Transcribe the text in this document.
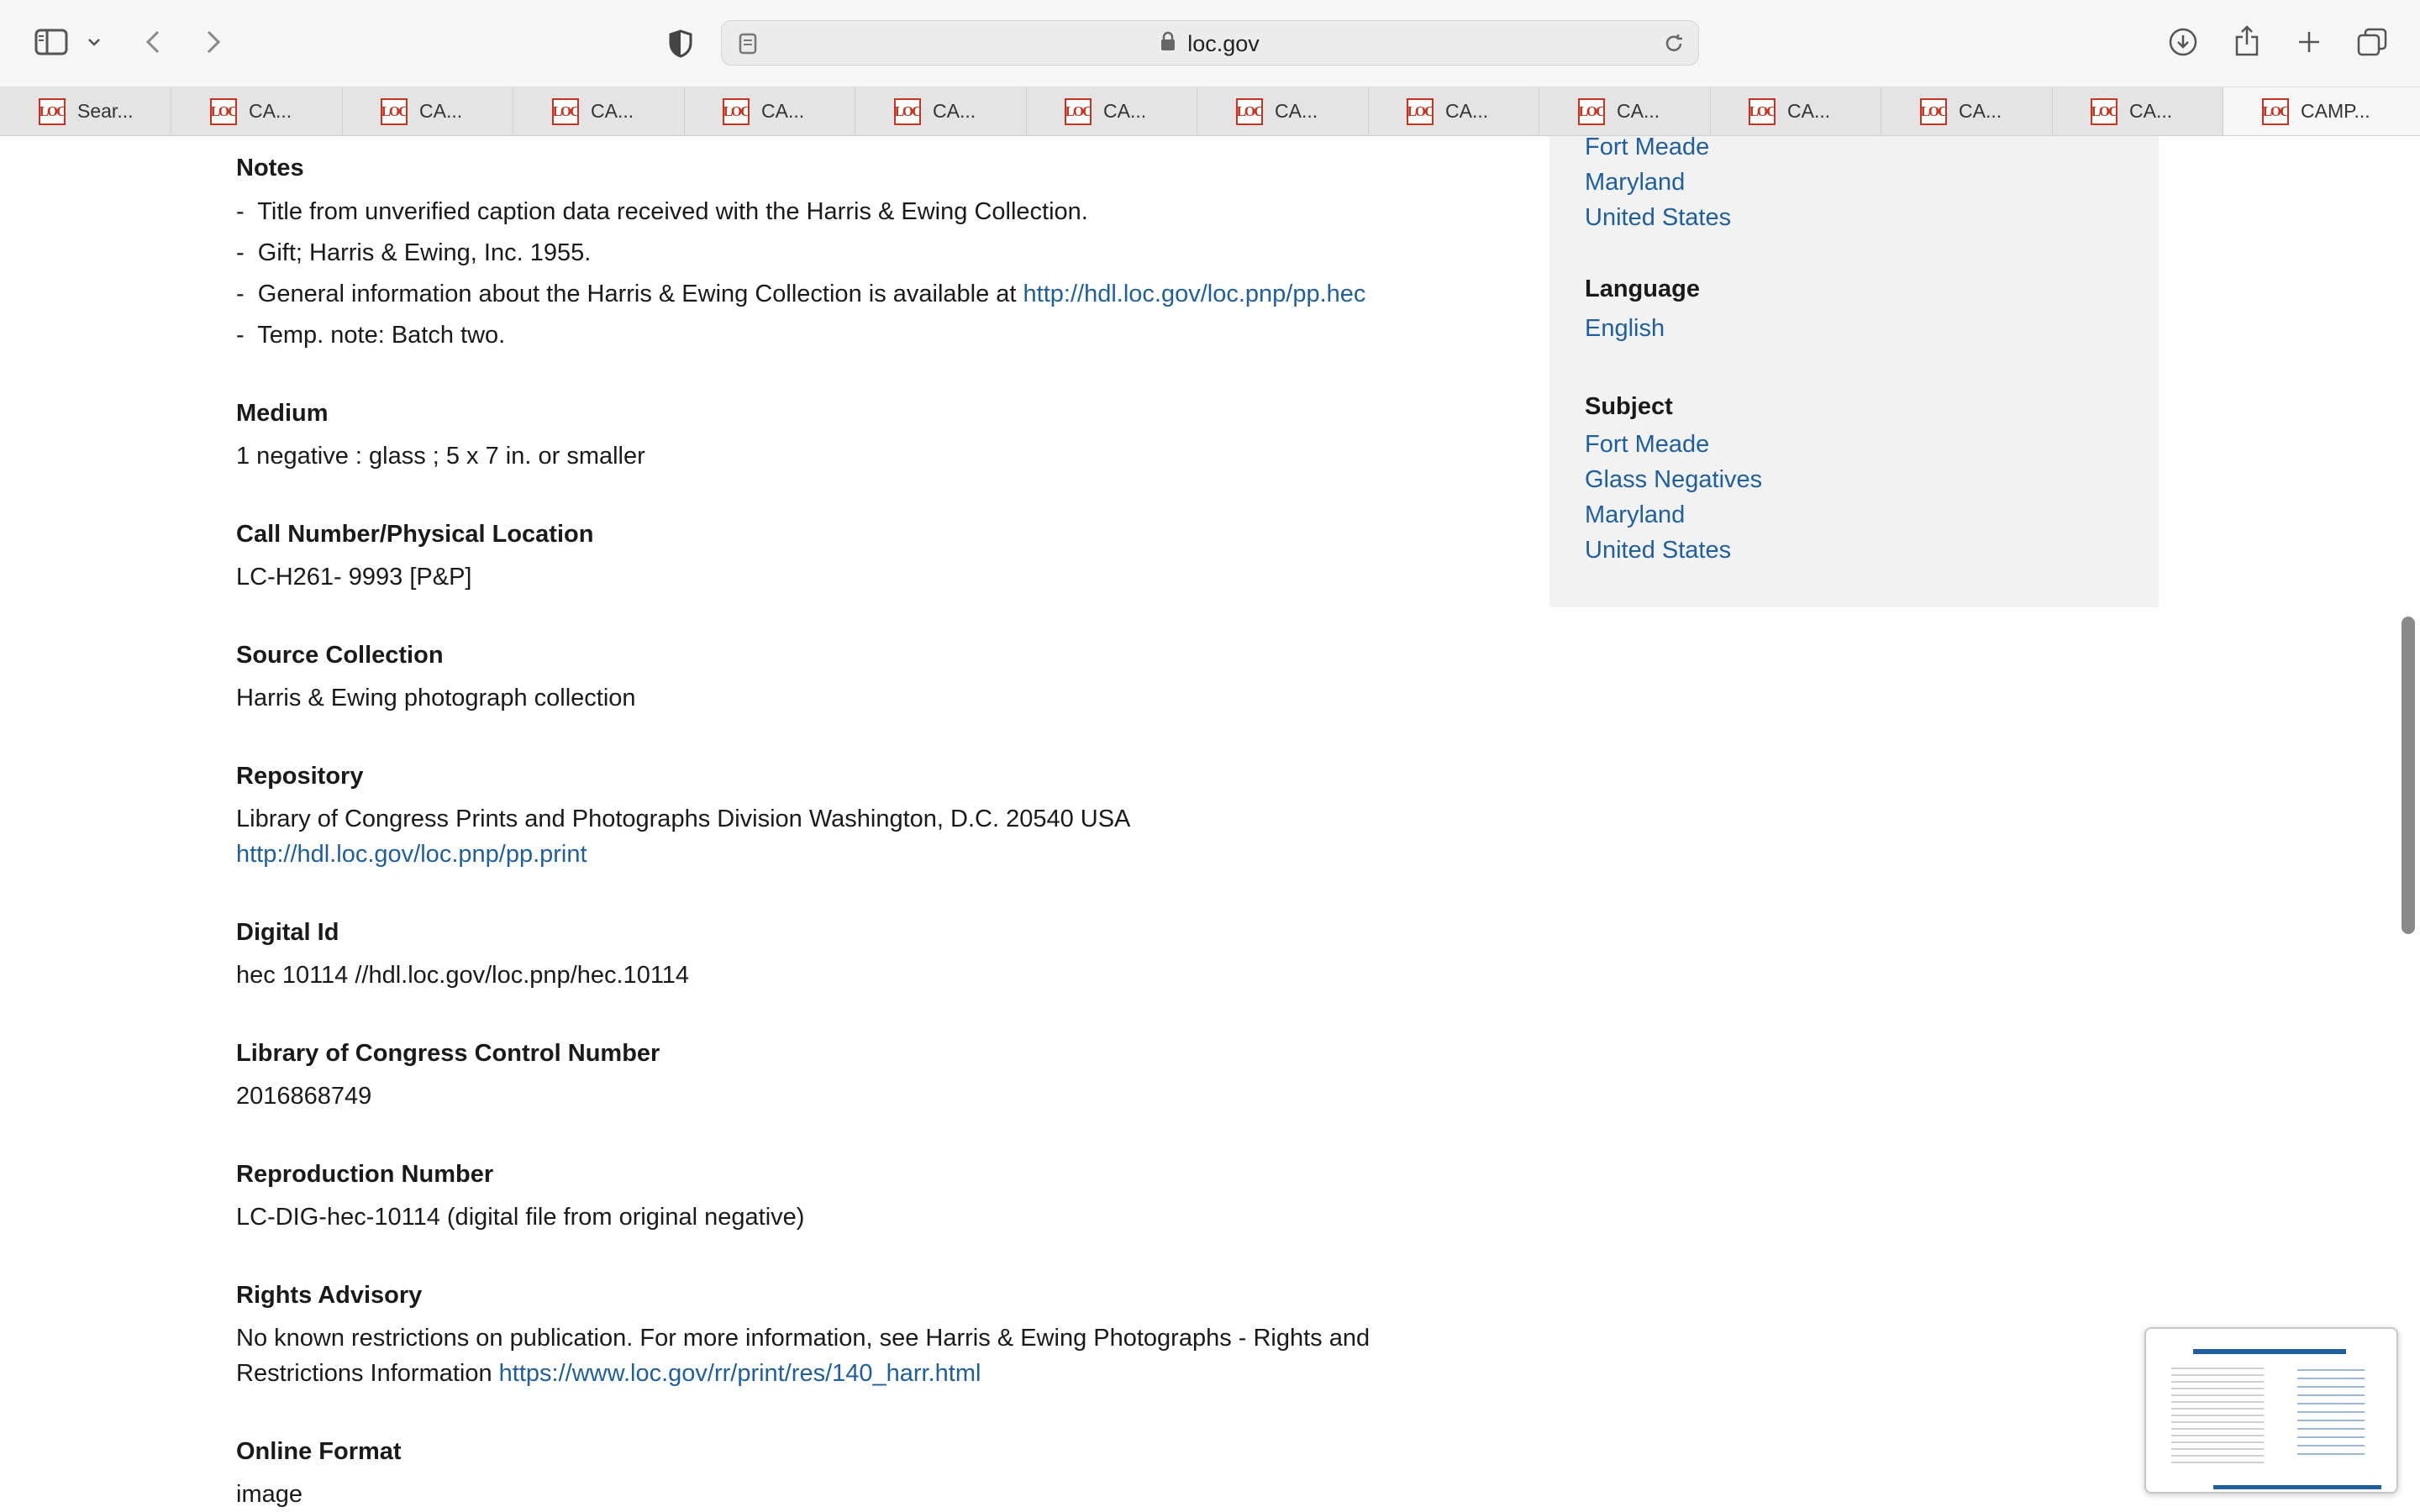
loc.gov
LOC Sear...	LOC CA...	LOC CA...	LOC CA...	LOC CA...	LOC CA...	LOC CA...	LOC CA...	LOC CA...	LOC CA...	LOC CA...	LOC CA...	LOC CA...	LOC CAMP...
Notes
-  Title from unverified caption data received with the Harris & Ewing Collection.
-  Gift; Harris & Ewing, Inc. 1955.
-  General information about the Harris & Ewing Collection is available at http://hdl.loc.gov/loc.pnp/pp.hec
-  Temp. note: Batch two.
Medium
1 negative : glass ; 5 x 7 in. or smaller
Call Number/Physical Location
LC-H261- 9993 [P&P]
Source Collection
Harris & Ewing photograph collection
Repository
Library of Congress Prints and Photographs Division Washington, D.C. 20540 USA
http://hdl.loc.gov/loc.pnp/pp.print
Digital Id
hec 10114 //hdl.loc.gov/loc.pnp/hec.10114
Library of Congress Control Number
2016868749
Reproduction Number
LC-DIG-hec-10114 (digital file from original negative)
Rights Advisory
No known restrictions on publication. For more information, see Harris & Ewing Photographs - Rights and
Restrictions Information https://www.loc.gov/rr/print/res/140_harr.html
Online Format
image
Fort Meade
Maryland
United States
Language
English
Subject
Fort Meade
Glass Negatives
Maryland
United States
